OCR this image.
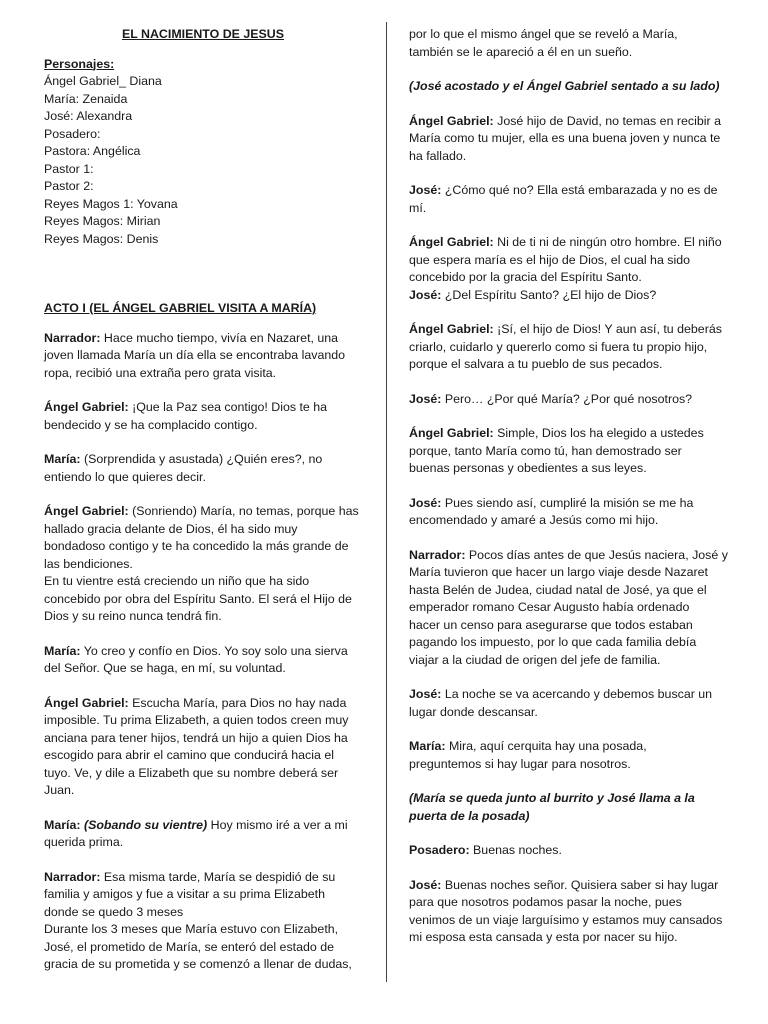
EL NACIMIENTO DE JESUS
Personajes:
Ángel Gabriel_ Diana
María: Zenaida
José: Alexandra
Posadero:
Pastora: Angélica
Pastor 1:
Pastor 2:
Reyes Magos 1: Yovana
Reyes Magos: Mirian
Reyes Magos: Denis
ACTO I (EL ÁNGEL GABRIEL VISITA A MARÍA)
Narrador: Hace mucho tiempo, vivía en Nazaret, una
joven llamada María un día ella se encontraba lavando
ropa, recibió una extraña pero grata visita.
Ángel Gabriel: ¡Que la Paz sea contigo! Dios te ha
bendecido y se ha complacido contigo.
María: (Sorprendida y asustada) ¿Quién eres?, no
entiendo lo que quieres decir.
Ángel Gabriel: (Sonriendo) María, no temas, porque has
hallado gracia delante de Dios, él ha sido muy
bondadoso contigo y te ha concedido la más grande de
las bendiciones.
En tu vientre está creciendo un niño que ha sido
concebido por obra del Espíritu Santo. El será el Hijo de
Dios y su reino nunca tendrá fin.
María: Yo creo y confío en Dios. Yo soy solo una sierva
del Señor. Que se haga, en mí, su voluntad.
Ángel Gabriel: Escucha María, para Dios no hay nada
imposible. Tu prima Elizabeth, a quien todos creen muy
anciana para tener hijos, tendrá un hijo a quien Dios ha
escogido para abrir el camino que conducirá hacia el
tuyo. Ve, y dile a Elizabeth que su nombre deberá ser
Juan.
María: (Sobando su vientre) Hoy mismo iré a ver a mi
querida prima.
Narrador: Esa misma tarde, María se despidió de su
familia y amigos y fue a visitar a su prima Elizabeth
donde se quedo 3 meses
Durante los 3 meses que María estuvo con Elizabeth,
José, el prometido de María, se enteró del estado de
gracia de su prometida y se comenzó a llenar de dudas,
por lo que el mismo ángel que se reveló a María,
también se le apareció a él en un sueño.
(José acostado y el Ángel Gabriel sentado a su lado)
Ángel Gabriel: José hijo de David, no temas en recibir a
María como tu mujer, ella es una buena joven y nunca te
ha fallado.
José: ¿Cómo qué no? Ella está embarazada y no es de
mí.
Ángel Gabriel: Ni de ti ni de ningún otro hombre. El niño
que espera maría es el hijo de Dios, el cual ha sido
concebido por la gracia del Espíritu Santo.
José: ¿Del Espíritu Santo? ¿El hijo de Dios?
Ángel Gabriel: ¡Sí, el hijo de Dios! Y aun así, tu deberás
criarlo, cuidarlo y quererlo como si fuera tu propio hijo,
porque el salvara a tu pueblo de sus pecados.
José: Pero… ¿Por qué María? ¿Por qué nosotros?
Ángel Gabriel: Simple, Dios los ha elegido a ustedes
porque, tanto María como tú, han demostrado ser
buenas personas y obedientes a sus leyes.
José: Pues siendo así, cumpliré la misión se me ha
encomendado y amaré a Jesús como mi hijo.
Narrador: Pocos días antes de que Jesús naciera, José y
María tuvieron que hacer un largo viaje desde Nazaret
hasta Belén de Judea, ciudad natal de José, ya que el
emperador romano Cesar Augusto había ordenado
hacer un censo para asegurarse que todos estaban
pagando los impuesto, por lo que cada familia debía
viajar a la ciudad de origen del jefe de familia.
José: La noche se va acercando y debemos buscar un
lugar donde descansar.
María: Mira, aquí cerquita hay una posada,
preguntemos si hay lugar para nosotros.
(María se queda junto al burrito y José llama a la
puerta de la posada)
Posadero: Buenas noches.
José: Buenas noches señor. Quisiera saber si hay lugar
para que nosotros podamos pasar la noche, pues
venimos de un viaje larguísimo y estamos muy cansados
mi esposa esta cansada y esta por nacer su hijo.
